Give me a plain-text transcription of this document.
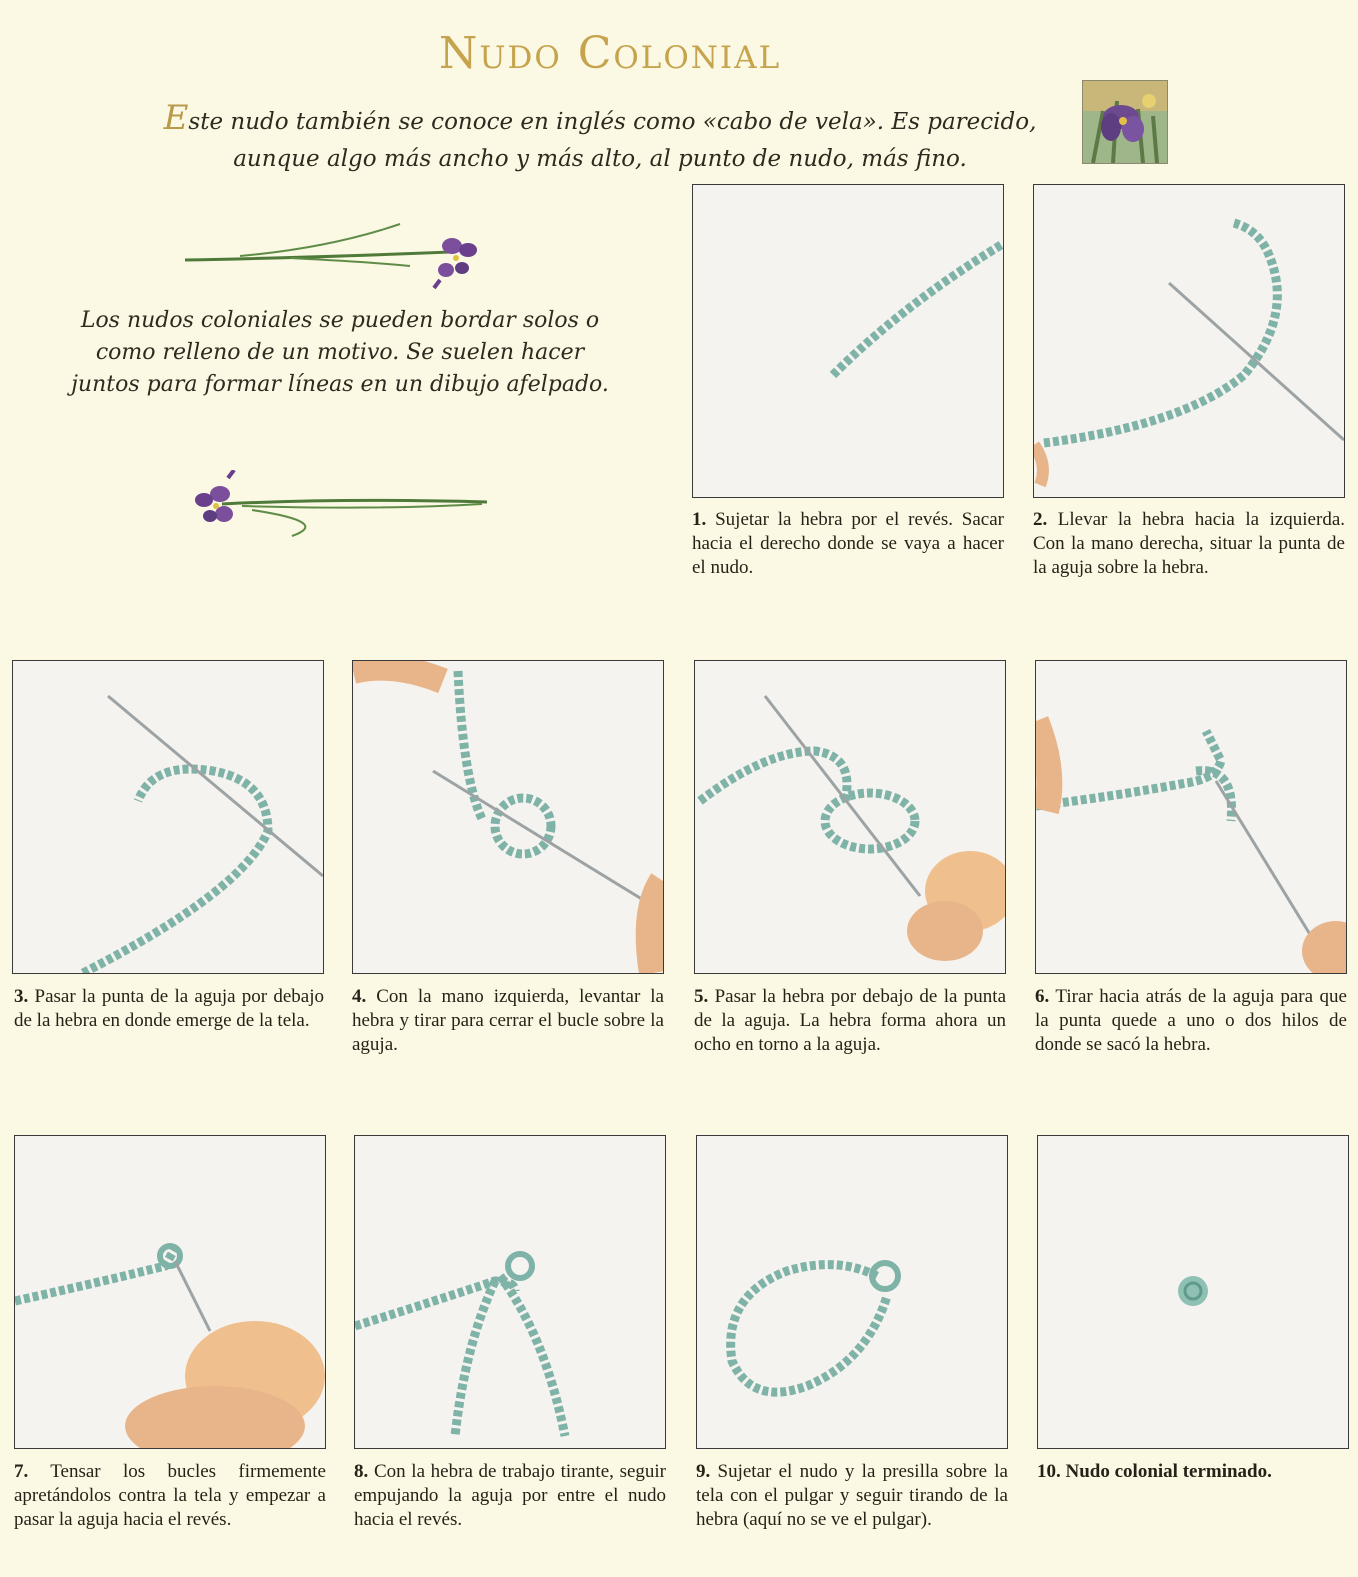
Nudo Colonial
Este nudo también se conoce en inglés como «cabo de vela». Es parecido, aunque algo más ancho y más alto, al punto de nudo, más fino.
Los nudos coloniales se pueden bordar solos o como relleno de un motivo. Se suelen hacer juntos para formar líneas en un dibujo afelpado.
1. Sujetar la hebra por el revés. Sacar hacia el derecho donde se vaya a hacer el nudo.
2. Llevar la hebra hacia la izquierda. Con la mano derecha, situar la punta de la aguja sobre la hebra.
3. Pasar la punta de la aguja por debajo de la hebra en donde emerge de la tela.
4. Con la mano izquierda, levantar la hebra y tirar para cerrar el bucle sobre la aguja.
5. Pasar la hebra por debajo de la punta de la aguja. La hebra forma ahora un ocho en torno a la aguja.
6. Tirar hacia atrás de la aguja para que la punta quede a uno o dos hilos de donde se sacó la hebra.
7. Tensar los bucles firmemente apretándolos contra la tela y empezar a pasar la aguja hacia el revés.
8. Con la hebra de trabajo tirante, seguir empujando la aguja por entre el nudo hacia el revés.
9. Sujetar el nudo y la presilla sobre la tela con el pulgar y seguir tirando de la hebra (aquí no se ve el pulgar).
10. Nudo colonial terminado.
